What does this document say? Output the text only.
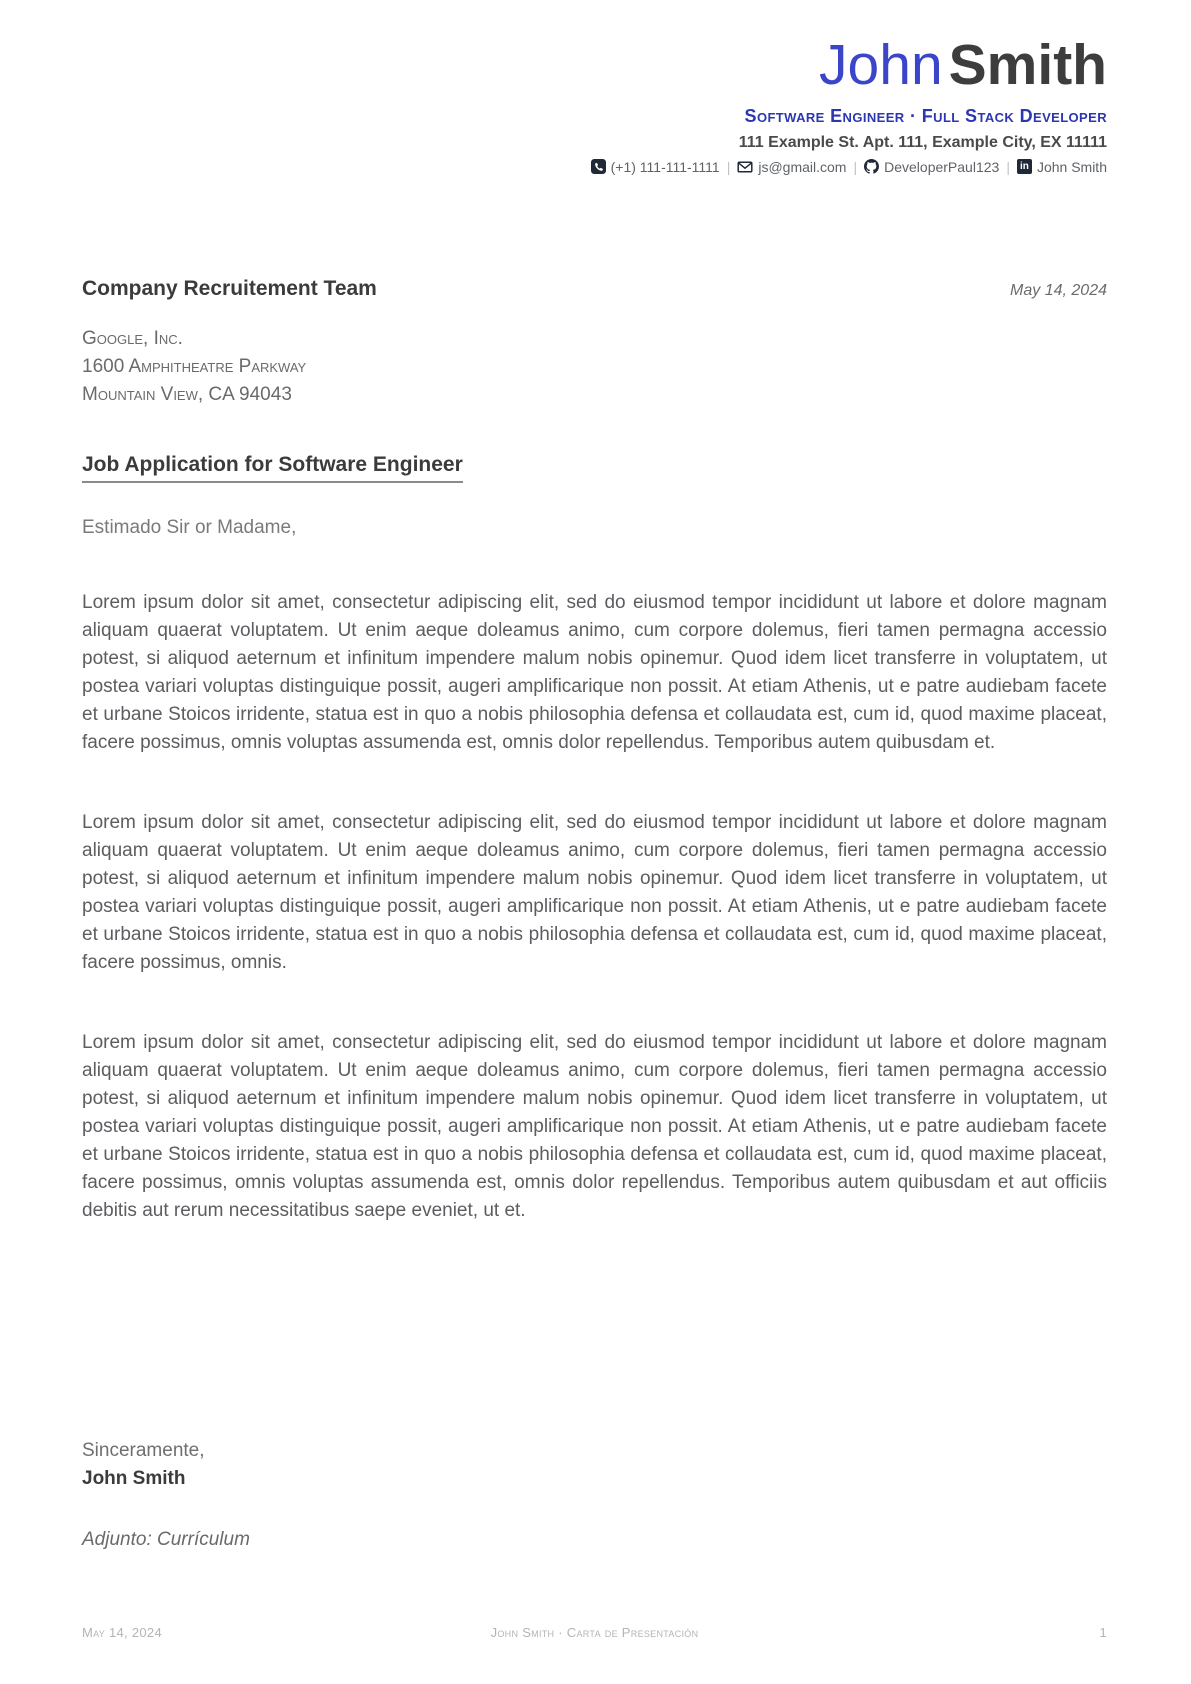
John Smith
Software Engineer · Full Stack Developer
111 Example St. Apt. 111, Example City, EX 11111
(+1) 111-111-1111 | js@gmail.com | DeveloperPaul123 |	in John Smith
Company Recruitement Team	May 14, 2024
Google, Inc.
1600 Amphitheatre Parkway
Mountain View, CA 94043
Job Application for Software Engineer
Estimado Sir or Madame,

Lorem ipsum dolor sit amet, consectetur adipiscing elit, sed do eiusmod tempor incididunt ut labore et dolore magnam aliquam quaerat voluptatem. Ut enim aeque doleamus animo, cum corpore dolemus, fieri tamen permagna accessio potest, si aliquod aeternum et infinitum impendere malum nobis opinemur. Quod idem licet transferre in voluptatem, ut postea variari voluptas distinguique possit, augeri amplificarique non possit. At etiam Athenis, ut e patre audiebam facete et urbane Stoicos irridente, statua est in quo a nobis philosophia defensa et collaudata est, cum id, quod maxime placeat, facere possimus, omnis voluptas assumenda est, omnis dolor repellendus. Temporibus autem quibusdam et.

Lorem ipsum dolor sit amet, consectetur adipiscing elit, sed do eiusmod tempor incididunt ut labore et dolore magnam aliquam quaerat voluptatem. Ut enim aeque doleamus animo, cum corpore dolemus, fieri tamen permagna accessio potest, si aliquod aeternum et infinitum impendere malum nobis opinemur. Quod idem licet transferre in voluptatem, ut postea variari voluptas distinguique possit, augeri amplificarique non possit. At etiam Athenis, ut e patre audiebam facete et urbane Stoicos irridente, statua est in quo a nobis philosophia defensa et collaudata est, cum id, quod maxime placeat, facere possimus, omnis.

Lorem ipsum dolor sit amet, consectetur adipiscing elit, sed do eiusmod tempor incididunt ut labore et dolore magnam aliquam quaerat voluptatem. Ut enim aeque doleamus animo, cum corpore dolemus, fieri tamen permagna accessio potest, si aliquod aeternum et infinitum impendere malum nobis opinemur. Quod idem licet transferre in voluptatem, ut postea variari voluptas distinguique possit, augeri amplificarique non possit. At etiam Athenis, ut e patre audiebam facete et urbane Stoicos irridente, statua est in quo a nobis philosophia defensa et collaudata est, cum id, quod maxime placeat, facere possimus, omnis voluptas assumenda est, omnis dolor repellendus. Temporibus autem quibusdam et aut officiis debitis aut rerum necessitatibus saepe eveniet, ut et.

Sinceramente,
John Smith
Adjunto: Currículum
John Smith · Carta de Presentación
May 14, 2024	1
